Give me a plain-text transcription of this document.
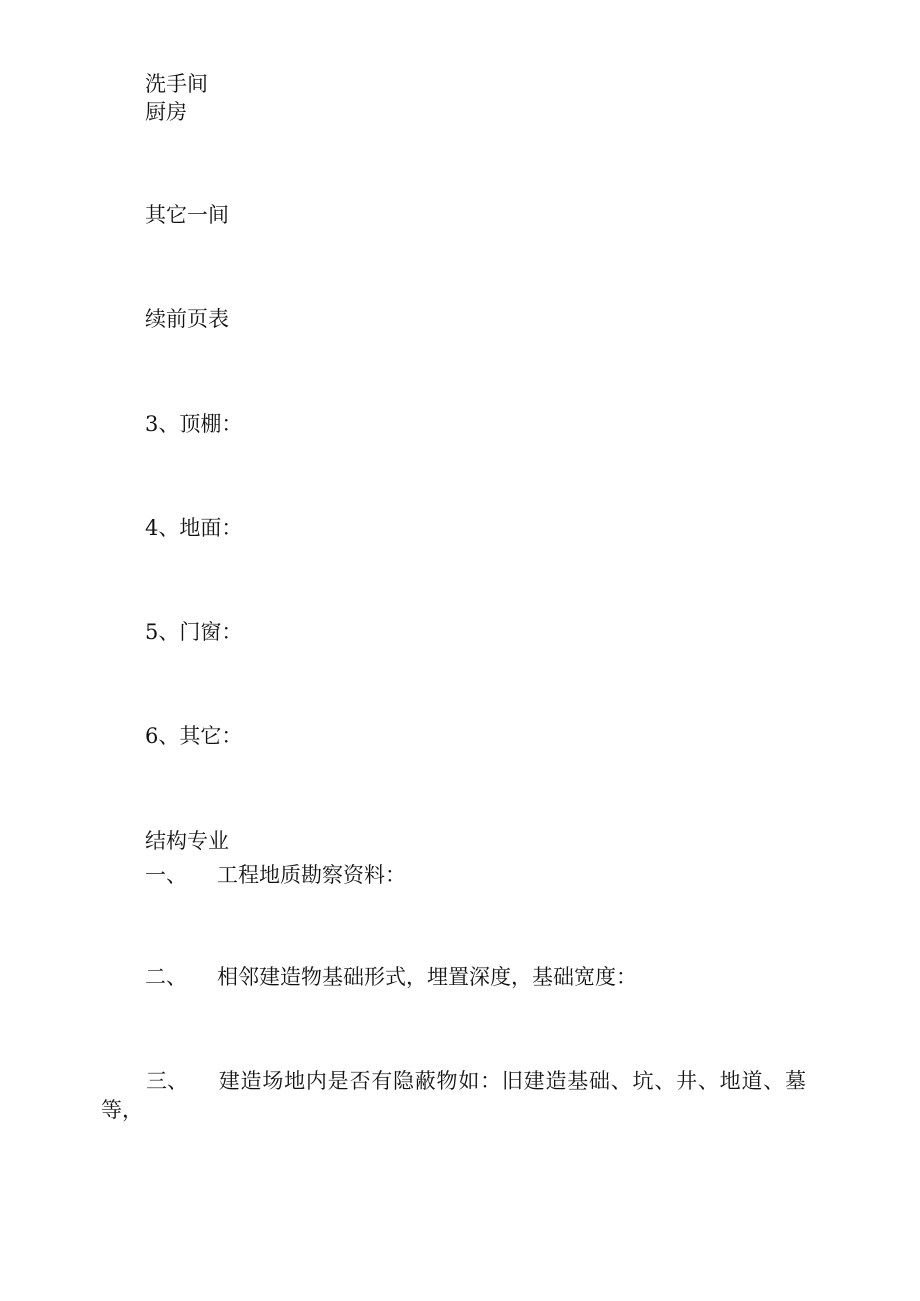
洗手间

厨房

其它一间

续前页表

3、顶棚：

4、地面：

5、门窗：

6、其它：

结构专业

一、 工程地质勘察资料：

二、 相邻建造物基础形式，埋置深度，基础宽度：

三、 建造场地内是否有隐蔽物如：旧建造基础、坑、井、地道、墓等，
